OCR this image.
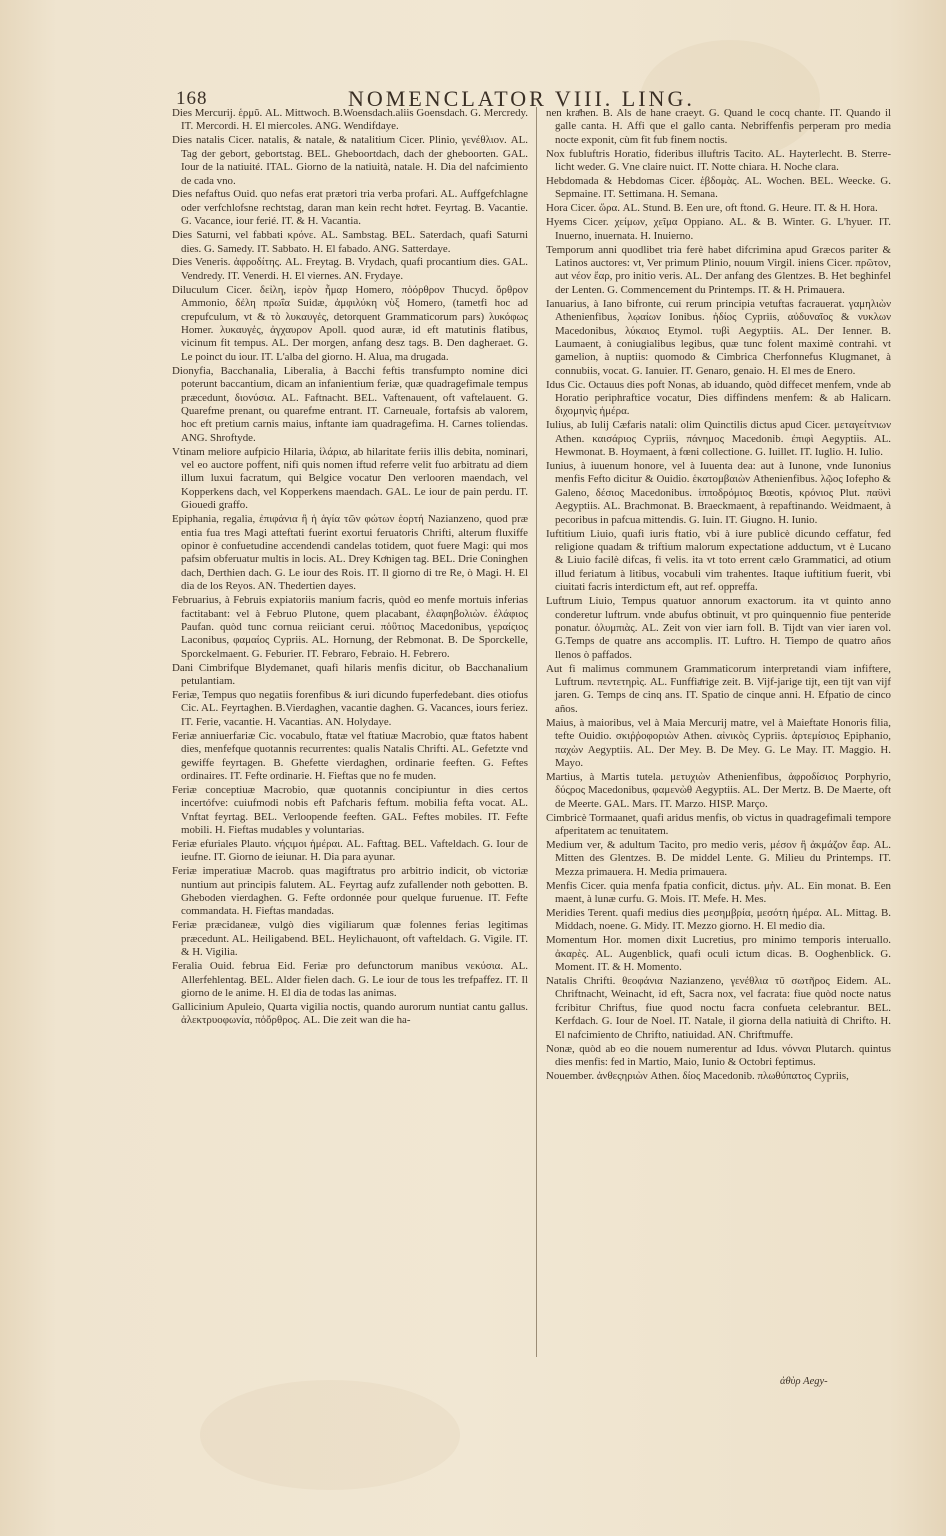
168	NOMENCLATOR VIII. LING.

Dies Mercurij. ἑρμῦ. AL. Mittwoch. B.Woensdach.aliis Goensdach. G. Mercredy. IT. Mercordi. H. El miercoles. ANG. Wendifdaye.

Dies natalis Cicer. natalis, & natale, & natalitium Cicer. Plinio, γενέθλιον. AL. Tag der gebort, gebortstag. BEL. Gheboortdach, dach der gheboorten. GAL. Iour de la natiuité. ITAL. Giorno de la natiuità, natale. H. Dia del nafcimiento de cada vno.

Dies nefaftus Ouid. quo nefas erat prætori tria verba profari. AL. Auffgefchlagne oder verfchlofsne rechtstag, daran man kein recht hoͤret. Feyrtag. B. Vacantie. G. Vacance, iour ferié. IT. & H. Vacantia.

Dies Saturni, vel fabbati κρόνε. AL. Sambstag. BEL. Saterdach, quafi Saturni dies. G. Samedy. IT. Sabbato. H. El fabado. ANG. Satterdaye.

Dies Veneris. ἀφροδίτης. AL. Freytag. B. Vrydach, quafi procantium dies. GAL. Vendredy. IT. Venerdi. H. El viernes. AN. Frydaye.

Diluculum Cicer. δεἰλη, ἱερὸν ἦμαρ Homero, πὁόρθρον Thucyd. ὄρθρον Ammonio, δἐλη πρωΐα Suidæ, ἀμφιλύκη νὺξ Homero, (tametfi hoc ad crepufculum, vt & τὸ λυκαυγἑς, detorquent Grammaticorum pars) λυκόφως Homer. λυκαυγἑς, ἀγχαυρον Apoll. quod auræ, id eft matutinis flatibus, vicinum fit tempus. AL. Der morgen, anfang desz tags. B. Den dagheraet. G. Le poinct du iour. IT. L'alba del giorno. H. Alua, ma drugada.

Dionyfia, Bacchanalia, Liberalia, à Bacchi feftis transfumpto nomine dici poterunt baccantium, dicam an infanientium feriæ, quæ quadragefimale tempus præcedunt, διονύσια. AL. Faftnacht. BEL. Vaftenauent, oft vaftelauent. G. Quarefme prenant, ou quarefme entrant. IT. Carneuale, fortafsis ab valorem, hoc eft pretium carnis maius, inftante iam quadragefima. H. Carnes toliendas. ANG. Shroftyde.

Vtinam meliore aufpicio Hilaria, ἱλάρια, ab hilaritate feriis illis debita, nominari, vel eo auctore poffent, nifi quis nomen iftud referre velit fuo arbitratu ad diem illum luxui facratum, qui Belgice vocatur Den verlooren maendach, vel Kopperkens dach, vel Kopperkens maendach. GAL. Le iour de pain perdu. IT. Giouedi graffo.

Epiphania, regalia, ἐπιφάνια ἢ ἡ ἁγία τῶν φώτων ἑορτή Nazianzeno, quod præ entia fua tres Magi atteftati fuerint exortui feruatoris Chrifti, alterum fluxiffe opinor è confuetudine accendendi candelas totidem, quot fuere Magi: qui mos pafsim obferuatur multis in locis. AL. Drey Koͤnigen tag. BEL. Drie Coninghen dach, Derthien dach. G. Le iour des Rois. IT. Il giorno di tre Re, ò Magi. H. El dia de los Reyos. AN. Thedertien dayes.

Februarius, à Februis expiatoriis manium facris, quòd eo menfe mortuis inferias factitabant: vel à Februo Plutone, quem placabant, ἐλαφηβολιὼν. ἐλάφιος Paufan. quòd tunc cornua reiiciant cerui. πὁὒτιος Macedonibus, γεραίςιος Laconibus, φαμαίος Cypriis. AL. Hornung, der Rebmonat. B. De Sporckelle, Sporckelmaent. G. Feburier. IT. Febraro, Febraio. H. Febrero.

Dani Cimbrifque Blydemanet, quafi hilaris menfis dicitur, ob Bacchanalium petulantiam.

Feriæ, Tempus quo negatiis forenfibus & iuri dicundo fuperfedebant. dies otiofus Cic. AL. Feyrtaghen. B.Vierdaghen, vacantie daghen. G. Vacances, iours feriez. IT. Ferie, vacantie. H. Vacantias. AN. Holydaye.

Feriæ anniuerfariæ Cic. vocabulo, ftatæ vel ftatiuæ Macrobio, quæ ftatos habent dies, menfefque quotannis recurrentes: qualis Natalis Chrifti. AL. Gefetzte vnd gewiffe feyrtagen. B. Ghefette vierdaghen, ordinarie feeften. G. Feftes ordinaires. IT. Fefte ordinarie. H. Fieftas que no fe muden.

Feriæ conceptiuæ Macrobio, quæ quotannis concipiuntur in dies certos incertófve: cuiufmodi nobis eft Pafcharis feftum. mobilia fefta vocat. AL. Vnftat feyrtag. BEL. Verloopende feeften. GAL. Feftes mobiles. IT. Fefte mobili. H. Fieftas mudables y voluntarias.

Feriæ efuriales Plauto. νήςιμοι ἡμέραι. AL. Fafttag. BEL. Vafteldach. G. Iour de ieufne. IT. Giorno de ieiunar. H. Dia para ayunar.

Feriæ imperatiuæ Macrob. quas magiftratus pro arbitrio indicit, ob victoriæ nuntium aut principis falutem. AL. Feyrtag aufz zufallender noth gebotten. B. Gheboden vierdaghen. G. Fefte ordonnée pour quelque furuenue. IT. Fefte commandata. H. Fieftas mandadas.

Feriæ præcidaneæ, vulgò dies vigiliarum quæ folennes ferias legitimas præcedunt. AL. Heiligabend. BEL. Heylichauont, oft vafteldach. G. Vigile. IT. & H. Vigilia.

Feralia Ouid. februa Eid. Feriæ pro defunctorum manibus νεκύσια. AL. Allerfehlentag. BEL. Alder fielen dach. G. Le iour de tous les trefpaffez. IT. Il giorno de le anime. H. El dia de todas las animas.

Gallicinium Apuleio, Quarta vigilia noctis, quando aurorum nuntiat cantu gallus. ἀλεκτρυοφωνία, πὁὄρθρος. AL. Die zeit wan die ha-

nen kraͤhen. B. Als de hane craeyt. G. Quand le cocq chante. IT. Quando il galle canta. H. Affi que el gallo canta. Nebriffenfis perperam pro media nocte exponit, cùm fit fub finem noctis.

Nox fubluftris Horatio, fideribus illuftris Tacito. AL. Hayterlecht. B. Sterre-licht weder. G. Vne claire nuict. IT. Notte chiara. H. Noche clara.

Hebdomada & Hebdomas Cicer. ἑβδομὰς. AL. Wochen. BEL. Weecke. G. Sepmaine. IT. Settimana. H. Semana.

Hora Cicer. ὥρα. AL. Stund. B. Een ure, oft ftond. G. Heure. IT. & H. Hora.

Hyems Cicer. χείμων, χεῖμα Oppiano. AL. & B. Winter. G. L'hyuer. IT. Inuerno, inuernata. H. Inuierno.

Temporum anni quodlibet tria ferè habet difcrimina apud Græcos pariter & Latinos auctores: vt, Ver primum Plinio, nouum Virgil. iniens Cicer. πρῶτον, aut νέον ἔαρ, pro initio veris. AL. Der anfang des Glentzes. B. Het beghinfel der Lenten. G. Commencement du Printemps. IT. & H. Primauera.

Ianuarius, à Iano bifronte, cui rerum principia vetuftas facrauerat. γαμηλιὼν Athenienfibus, λῳαίων Ionibus. ἠδίος Cypriis, αὐδυναῖος & νυκλων Macedonibus, λύκαιος Etymol. τυβὶ Aegyptiis. AL. Der Ienner. B. Laumaent, à coniugialibus legibus, quæ tunc folent maximè contrahi. vt gamelion, à nuptiis: quomodo & Cimbrica Cherfonnefus Klugmanet, à connubiis, vocat. G. Ianuier. IT. Genaro, genaio. H. El mes de Enero.

Idus Cic. Octauus dies poft Nonas, ab iduando, quòd diffecet menfem, vnde ab Horatio periphraftice vocatur, Dies diffindens menfem: & ab Halicarn. διχομηνὶς ἡμέρα.

Iulius, ab Iulij Cæfaris natali: olim Quinctilis dictus apud Cicer. μεταγείτνιων Athen. καισάριος Cypriis, πάνημος Macedonib. ἐπιφὶ Aegyptiis. AL. Hewmonat. B. Hoymaent, à fœni collectione. G. Iuillet. IT. Iuglio. H. Iulio.

Iunius, à iuuenum honore, vel à Iuuenta dea: aut à Iunone, vnde Iunonius menfis Fefto dicitur & Ouidio. ἑκατομβαιὼν Athenienfibus. λῷος Iofepho & Galeno, δέσιος Macedonibus. ἱπποδρόμιος Bœotis, κρόνιος Plut. παϋνὶ Aegyptiis. AL. Brachmonat. B. Braeckmaent, à repaftinando. Weidmaent, à pecoribus in pafcua mittendis. G. Iuin. IT. Giugno. H. Iunio.

Iuftitium Liuio, quafi iuris ftatio, vbi à iure publicè dicundo ceffatur, fed religione quadam & triftium malorum expectatione adductum, vt è Lucano & Liuio facilè difcas, fi velis. ita vt toto errent cælo Grammatici, ad otium illud feriatum à litibus, vocabuli vim trahentes. Itaque iuftitium fuerit, vbi ciuitati facris interdictum eft, aut ref. oppreffa.

Luftrum Liuio, Tempus quatuor annorum exactorum. ita vt quinto anno conderetur luftrum. vnde abufus obtinuit, vt pro quinquennio fiue penteride ponatur. ὀλυμπιὰς. AL. Zeit von vier iarn foll. B. Tijdt van vier iaren vol. G.Temps de quatre ans accomplis. IT. Luftro. H. Tiempo de quatro años llenos ò paffados.

Aut fi malimus communem Grammaticorum interpretandi viam infiftere, Luftrum. πεντετηρὶς. AL. Funffiaͤrige zeit. B. Vijf-jarige tijt, een tijt van vijf jaren. G. Temps de cinq ans. IT. Spatio de cinque anni. H. Efpatio de cinco años.

Maius, à maioribus, vel à Maia Mercurij matre, vel à Maieftate Honoris filia, tefte Ouidio. σκιῤῥοφοριὼν Athen. αἰνικὸς Cypriis. ἀρτεμίσιος Epiphanio, παχὼν Aegyptiis. AL. Der Mey. B. De Mey. G. Le May. IT. Maggio. H. Mayo.

Martius, à Martis tutela. μετυχιὼν Athenienfibus, ἀφροδίσιος Porphyrio, δύςρος Macedonibus, φαμενὼθ Aegyptiis. AL. Der Mertz. B. De Maerte, oft de Meerte. GAL. Mars. IT. Marzo. HISP. Março.

Cimbricè Tormaanet, quafi aridus menfis, ob victus in quadragefimali tempore afperitatem ac tenuitatem.

Medium ver, & adultum Tacito, pro medio veris, μέσον ἢ ἀκμάζον ἔαρ. AL. Mitten des Glentzes. B. De middel Lente. G. Milieu du Printemps. IT. Mezza primauera. H. Media primauera.

Menfis Cicer. quia menfa fpatia conficit, dictus. μὴν. AL. Ein monat. B. Een maent, à lunæ curfu. G. Mois. IT. Mefe. H. Mes.

Meridies Terent. quafi medius dies μεσημβρία, μεσότη ἡμέρα. AL. Mittag. B. Middach, noene. G. Midy. IT. Mezzo giorno. H. El medio dia.

Momentum Hor. momen dixit Lucretius, pro minimo temporis interuallo. ἀκαρὲς. AL. Augenblick, quafi oculi ictum dicas. B. Ooghenblick. G. Moment. IT. & H. Momento.

Natalis Chrifti. θεοφάνια Nazianzeno, γενέθλια τῦ σωτῆρος Eidem. AL. Chriftnacht, Weinacht, id eft, Sacra nox, vel facrata: fiue quòd nocte natus fcribitur Chriftus, fiue quod noctu facra confueta celebrantur. BEL. Kerfdach. G. Iour de Noel. IT. Natale, il giorna della natiuità di Chrifto. H. El nafcimiento de Chrifto, natiuidad. AN. Chriftmuffe.

Nonæ, quòd ab eo die nouem numerentur ad Idus. νόνναι Plutarch. quintus dies menfis: fed in Martio, Maio, Iunio & Octobri feptimus.

Nouember. ἀνθεςηριὼν Athen. δίος Macedonib. πλωθύπατος Cypriis,

ἀθὺρ Aegy-
